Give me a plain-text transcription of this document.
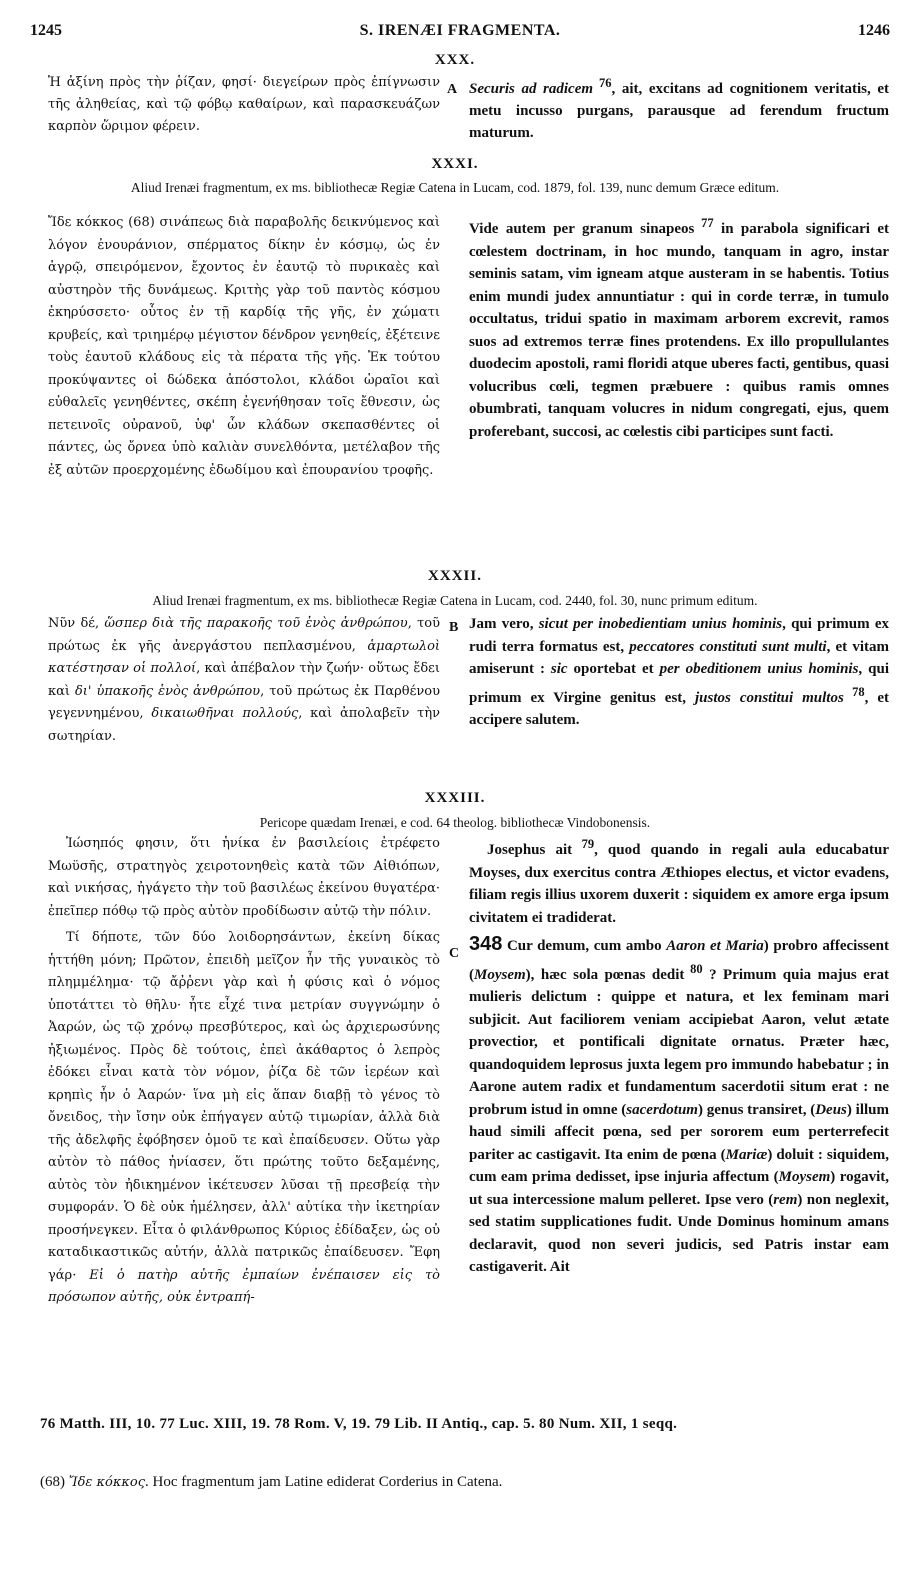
1245	S. IRENÆI FRAGMENTA.	1246
XXX.
Ἡ ἀξίνη πρὸς τὴν ῥίζαν, φησί· διεγείρων πρὸς ἐπίγνωσιν τῆς ἀληθείας, καὶ τῷ φόβῳ καθαίρων, καὶ παρασκευάζων καρπὸν ὥριμον φέρειν.
A Securis ad radicem $^{76}$, ait, excitans ad cognitionem veritatis, et metu incusso purgans, parausque ad ferendum fructum maturum.
XXXI.
Aliud Irenæi fragmentum, ex ms. bibliothecæ Regiæ Catena in Lucam, cod. 1879, fol. 139, nunc demum Græce editum.
Ἴδε κόκκος (68) σινάπεως διὰ παραβολῆς δεικνύμενος καὶ λόγον ἐνουράνιον, σπέρματος δίκην ἐν κόσμῳ, ὡς ἐν ἀγρῷ, σπειρόμενον, ἔχοντος ἐν ἑαυτῷ τὸ πυρικαὲς καὶ αὐστηρὸν τῆς δυνάμεως. Κριτὴς γὰρ τοῦ παντὸς κόσμου ἐκηρύσσετο· οὗτος ἐν τῇ καρδίᾳ τῆς γῆς, ἐν χώματι κρυβείς, καὶ τριημέρῳ μέγιστον δένδρον γενηθείς, ἐξέτεινε τοὺς ἑαυτοῦ κλάδους εἰς τὰ πέρατα τῆς γῆς. Ἐκ τούτου προκύψαντες οἱ δώδεκα ἀπόστολοι, κλάδοι ὡραῖοι καὶ εὐθαλεῖς γενηθέντες, σκέπη ἐγενήθησαν τοῖς ἔθνεσιν, ὡς πετεινοῖς οὐρανοῦ, ὑφ' ὧν κλάδων σκεπασθέντες οἱ πάντες, ὡς ὄρνεα ὑπὸ καλιὰν συνελθόντα, μετέλαβον τῆς ἐξ αὐτῶν προερχομένης ἐδωδίμου καὶ ἐπουρανίου τροφῆς.
Vide autem per granum sinapeos $^{77}$ in parabola significari et cœlestem doctrinam, in hoc mundo, tanquam in agro, instar seminis satam, vim igneam atque austeram in se habentis. Totius enim mundi judex annuntiatur : qui in corde terræ, in tumulo occultatus, tridui spatio in maximam arborem excrevit, ramos suos ad extremos terræ fines protendens. Ex illo propullulantes duodecim apostoli, rami floridi atque uberes facti, gentibus, quasi volucribus cœli, tegmen præbuere : quibus ramis omnes obumbrati, tanquam volucres in nidum congregati, ejus, quem proferebant, succosi, ac cœlestis cibi participes sunt facti.
XXXII.
Aliud Irenæi fragmentum, ex ms. bibliothecæ Regiæ Catena in Lucam, cod. 2440, fol. 30, nunc primum editum.
B
Νῦν δέ, ὥσπερ διὰ τῆς παρακοῆς τοῦ ἑνὸς ἀνθρώπου, τοῦ πρώτως ἐκ γῆς ἀνεργάστου πεπλασμένου, ἁμαρτωλοὶ κατέστησαν οἱ πολλοί, καὶ ἀπέβαλον τὴν ζωήν· οὕτως ἔδει καὶ δι' ὑπακοῆς ἑνὸς ἀνθρώπου, τοῦ πρώτως ἐκ Παρθένου γεγεννημένου, δικαιωθῆναι πολλούς, καὶ ἀπολαβεῖν τὴν σωτηρίαν.
Jam vero, sicut per inobedientiam unius hominis, qui primum ex rudi terra formatus est, peccatores constituti sunt multi, et vitam amiserunt : sic oportebat et per obeditionem unius hominis, qui primum ex Virgine genitus est, justos constitui multos $^{78}$, et accipere salutem.
XXXIII.
Pericope quædam Irenæi, e cod. 64 theolog. bibliothecæ Vindobonensis.
Ἰώσηπός φησιν, ὅτι ἡνίκα ἐν βασιλείοις ἐτρέφετο Μωϋσῆς, στρατηγὸς χειροτονηθεὶς κατὰ τῶν Αἰθιόπων, καὶ νικήσας, ἠγάγετο τὴν τοῦ βασιλέως ἐκείνου θυγατέρα· ἐπεῖπερ πόθῳ τῷ πρὸς αὐτὸν προδίδωσιν αὐτῷ τὴν πόλιν.
Τί δήποτε, τῶν δύο λοιδορησάντων, ἐκείνη δίκας ἡττήθη μόνη; Πρῶτον, ἐπειδὴ μεῖζον ἦν τῆς γυναικὸς τὸ πλημμέλημα· τῷ ἄῤῥενι γὰρ καὶ ἡ φύσις καὶ ὁ νόμος ὑποτάττει τὸ θῆλυ· ἦτε εἶχέ τινα μετρίαν συγγνώμην ὁ Ἀαρών, ὡς τῷ χρόνῳ πρεσβύτερος, καὶ ὡς ἀρχιερωσύνης ἠξιωμένος. Πρὸς δὲ τούτοις, ἐπεὶ ἀκάθαρτος ὁ λεπρὸς ἐδόκει εἶναι κατὰ τὸν νόμον, ῥίζα δὲ τῶν ἱερέων καὶ κρηπὶς ἦν ὁ Ἀαρών· ἵνα μὴ εἰς ἅπαν διαβῇ τὸ γένος τὸ ὄνειδος, τὴν ἴσην οὐκ ἐπήγαγεν αὐτῷ τιμωρίαν, ἀλλὰ διὰ τῆς ἀδελφῆς ἐφόβησεν ὁμοῦ τε καὶ ἐπαίδευσεν. Οὕτω γὰρ αὐτὸν τὸ πάθος ἠνίασεν, ὅτι πρώτης τοῦτο δεξαμένης, αὐτὸς τὸν ἠδικημένον ἱκέτευσεν λῦσαι τῇ πρεσβείᾳ τὴν συμφοράν. Ὁ δὲ οὐκ ἠμέλησεν, ἀλλ' αὐτίκα τὴν ἱκετηρίαν προσήνεγκεν. Εἶτα ὁ φιλάνθρωπος Κύριος ἐδίδαξεν, ὡς οὐ καταδικαστικῶς αὐτήν, ἀλλὰ πατρικῶς ἐπαίδευσεν. Ἔφη γάρ· Εἰ ὁ πατὴρ αὐτῆς ἐμπαίων ἐνέπαισεν εἰς τὸ πρόσωπον αὐτῆς, οὐκ ἐντραπή-
C
Josephus ait $^{79}$, quod quando in regali aula educabatur Moyses, dux exercitus contra Æthiopes electus, et victor evadens, filiam regis illius uxorem duxerit : siquidem ex amore erga ipsum civitatem ei tradiderat.
348 Cur demum, cum ambo Aaron et Maria) probro affecissent (Moysem), hæc sola pœnas dedit $^{80}$ ? Primum quia majus erat mulieris delictum : quippe et natura, et lex feminam mari subjicit. Aut faciliorem veniam accipiebat Aaron, velut ætate provectior, et pontificali dignitate ornatus. Præter hæc, quandoquidem leprosus juxta legem pro immundo habebatur ; in Aarone autem radix et fundamentum sacerdotii situm erat : ne probrum istud in omne (sacerdotum) genus transiret, (Deus) illum haud simili affecit pœna, sed per sororem eum perterrefecit pariter ac castigavit. Ita enim de pœna (Mariæ) doluit : siquidem, cum eam prima dedisset, ipse injuria affectum (Moysem) rogavit, ut sua intercessione malum pelleret. Ipse vero (rem) non neglexit, sed statim supplicationes fudit. Unde Dominus hominum amans declaravit, quod non severi judicis, sed Patris instar eam castigaverit. Ait
76 Matth. III, 10. 77 Luc. XIII, 19. 78 Rom. V, 19. 79 Lib. II Antiq., cap. 5. 80 Num. XII, 1 seqq.
(68) Ἴδε κόκκος. Hoc fragmentum jam Latine ediderat Corderius in Catena.
